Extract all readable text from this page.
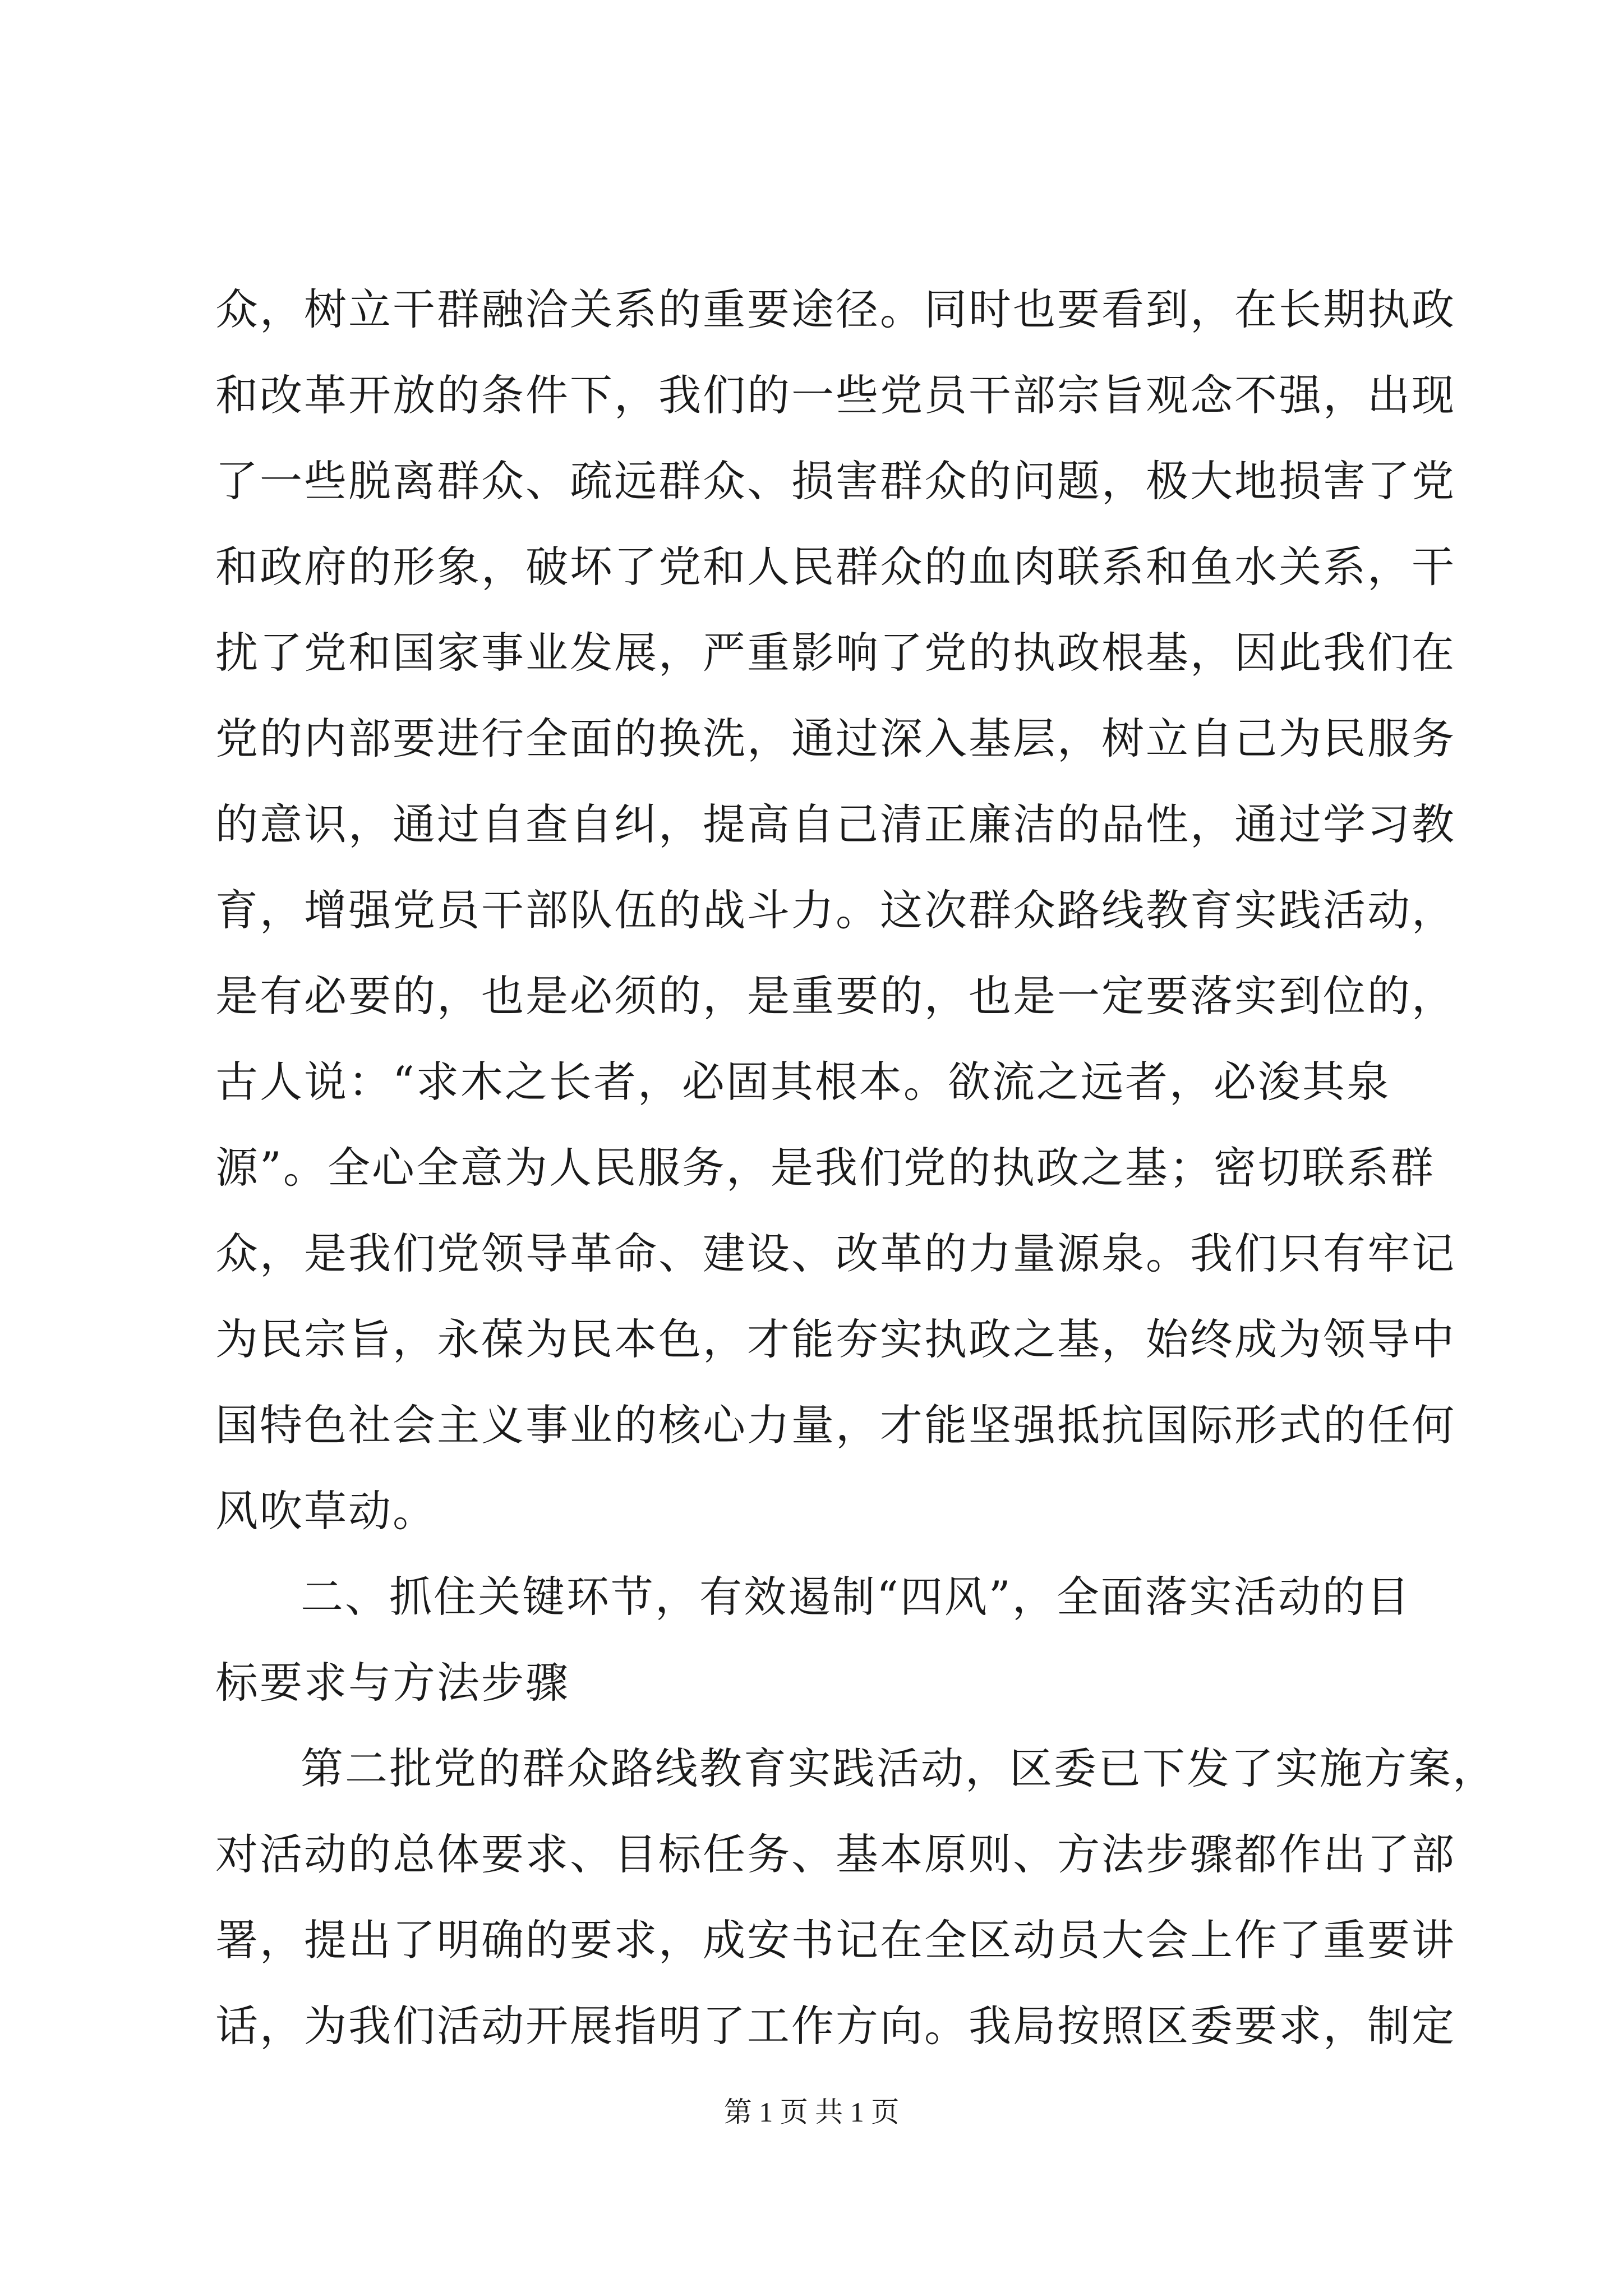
众，树立干群融洽关系的重要途径。同时也要看到，在长期执政
和改革开放的条件下，我们的一些党员干部宗旨观念不强，出现
了一些脱离群众、疏远群众、损害群众的问题，极大地损害了党
和政府的形象，破坏了党和人民群众的血肉联系和鱼水关系，干
扰了党和国家事业发展，严重影响了党的执政根基，因此我们在
党的内部要进行全面的换洗，通过深入基层，树立自己为民服务
的意识，通过自查自纠，提高自己清正廉洁的品性，通过学习教
育，增强党员干部队伍的战斗力。这次群众路线教育实践活动，
是有必要的，也是必须的，是重要的，也是一定要落实到位的，
古人说：“求木之长者，必固其根本。欲流之远者，必浚其泉
源”。全心全意为人民服务，是我们党的执政之基；密切联系群
众，是我们党领导革命、建设、改革的力量源泉。我们只有牢记
为民宗旨，永葆为民本色，才能夯实执政之基，始终成为领导中
国特色社会主义事业的核心力量，才能坚强抵抗国际形式的任何
风吹草动。
二、抓住关键环节，有效遏制“四风”，全面落实活动的目
标要求与方法步骤
第二批党的群众路线教育实践活动，区委已下发了实施方案，
对活动的总体要求、目标任务、基本原则、方法步骤都作出了部
署，提出了明确的要求，成安书记在全区动员大会上作了重要讲
话，为我们活动开展指明了工作方向。我局按照区委要求，制定
第 1 页 共 1 页
